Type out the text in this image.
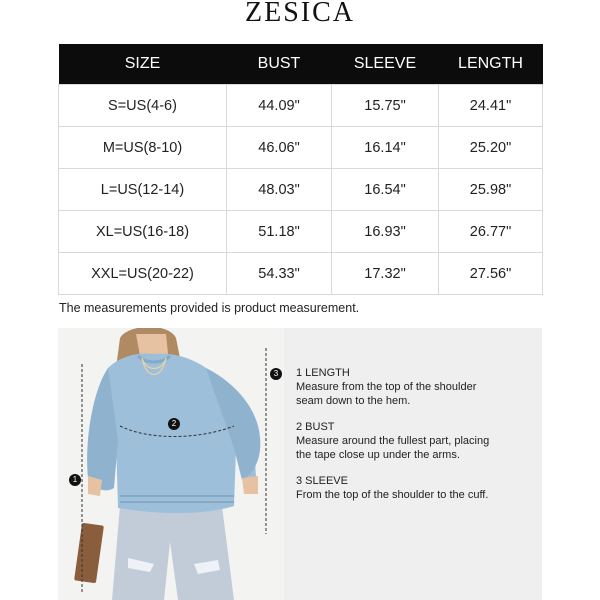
ZESICA
SIZE	BUST	SLEEVE	LENGTH
S=US(4-6)	44.09"	15.75"	24.41"
M=US(8-10)	46.06"	16.14"	25.20"
L=US(12-14)	48.03"	16.54"	25.98"
XL=US(16-18)	51.18"	16.93"	26.77"
XXL=US(20-22)	54.33"	17.32"	27.56"
The measurements provided is product measurement.
1
2
3	1 LENGTH
Measure from the top of the shoulder
seam down to the hem.
2 BUST
Measure around the fullest part, placing
the tape close up under the arms.
3 SLEEVE
From the top of the shoulder to the cuff.
